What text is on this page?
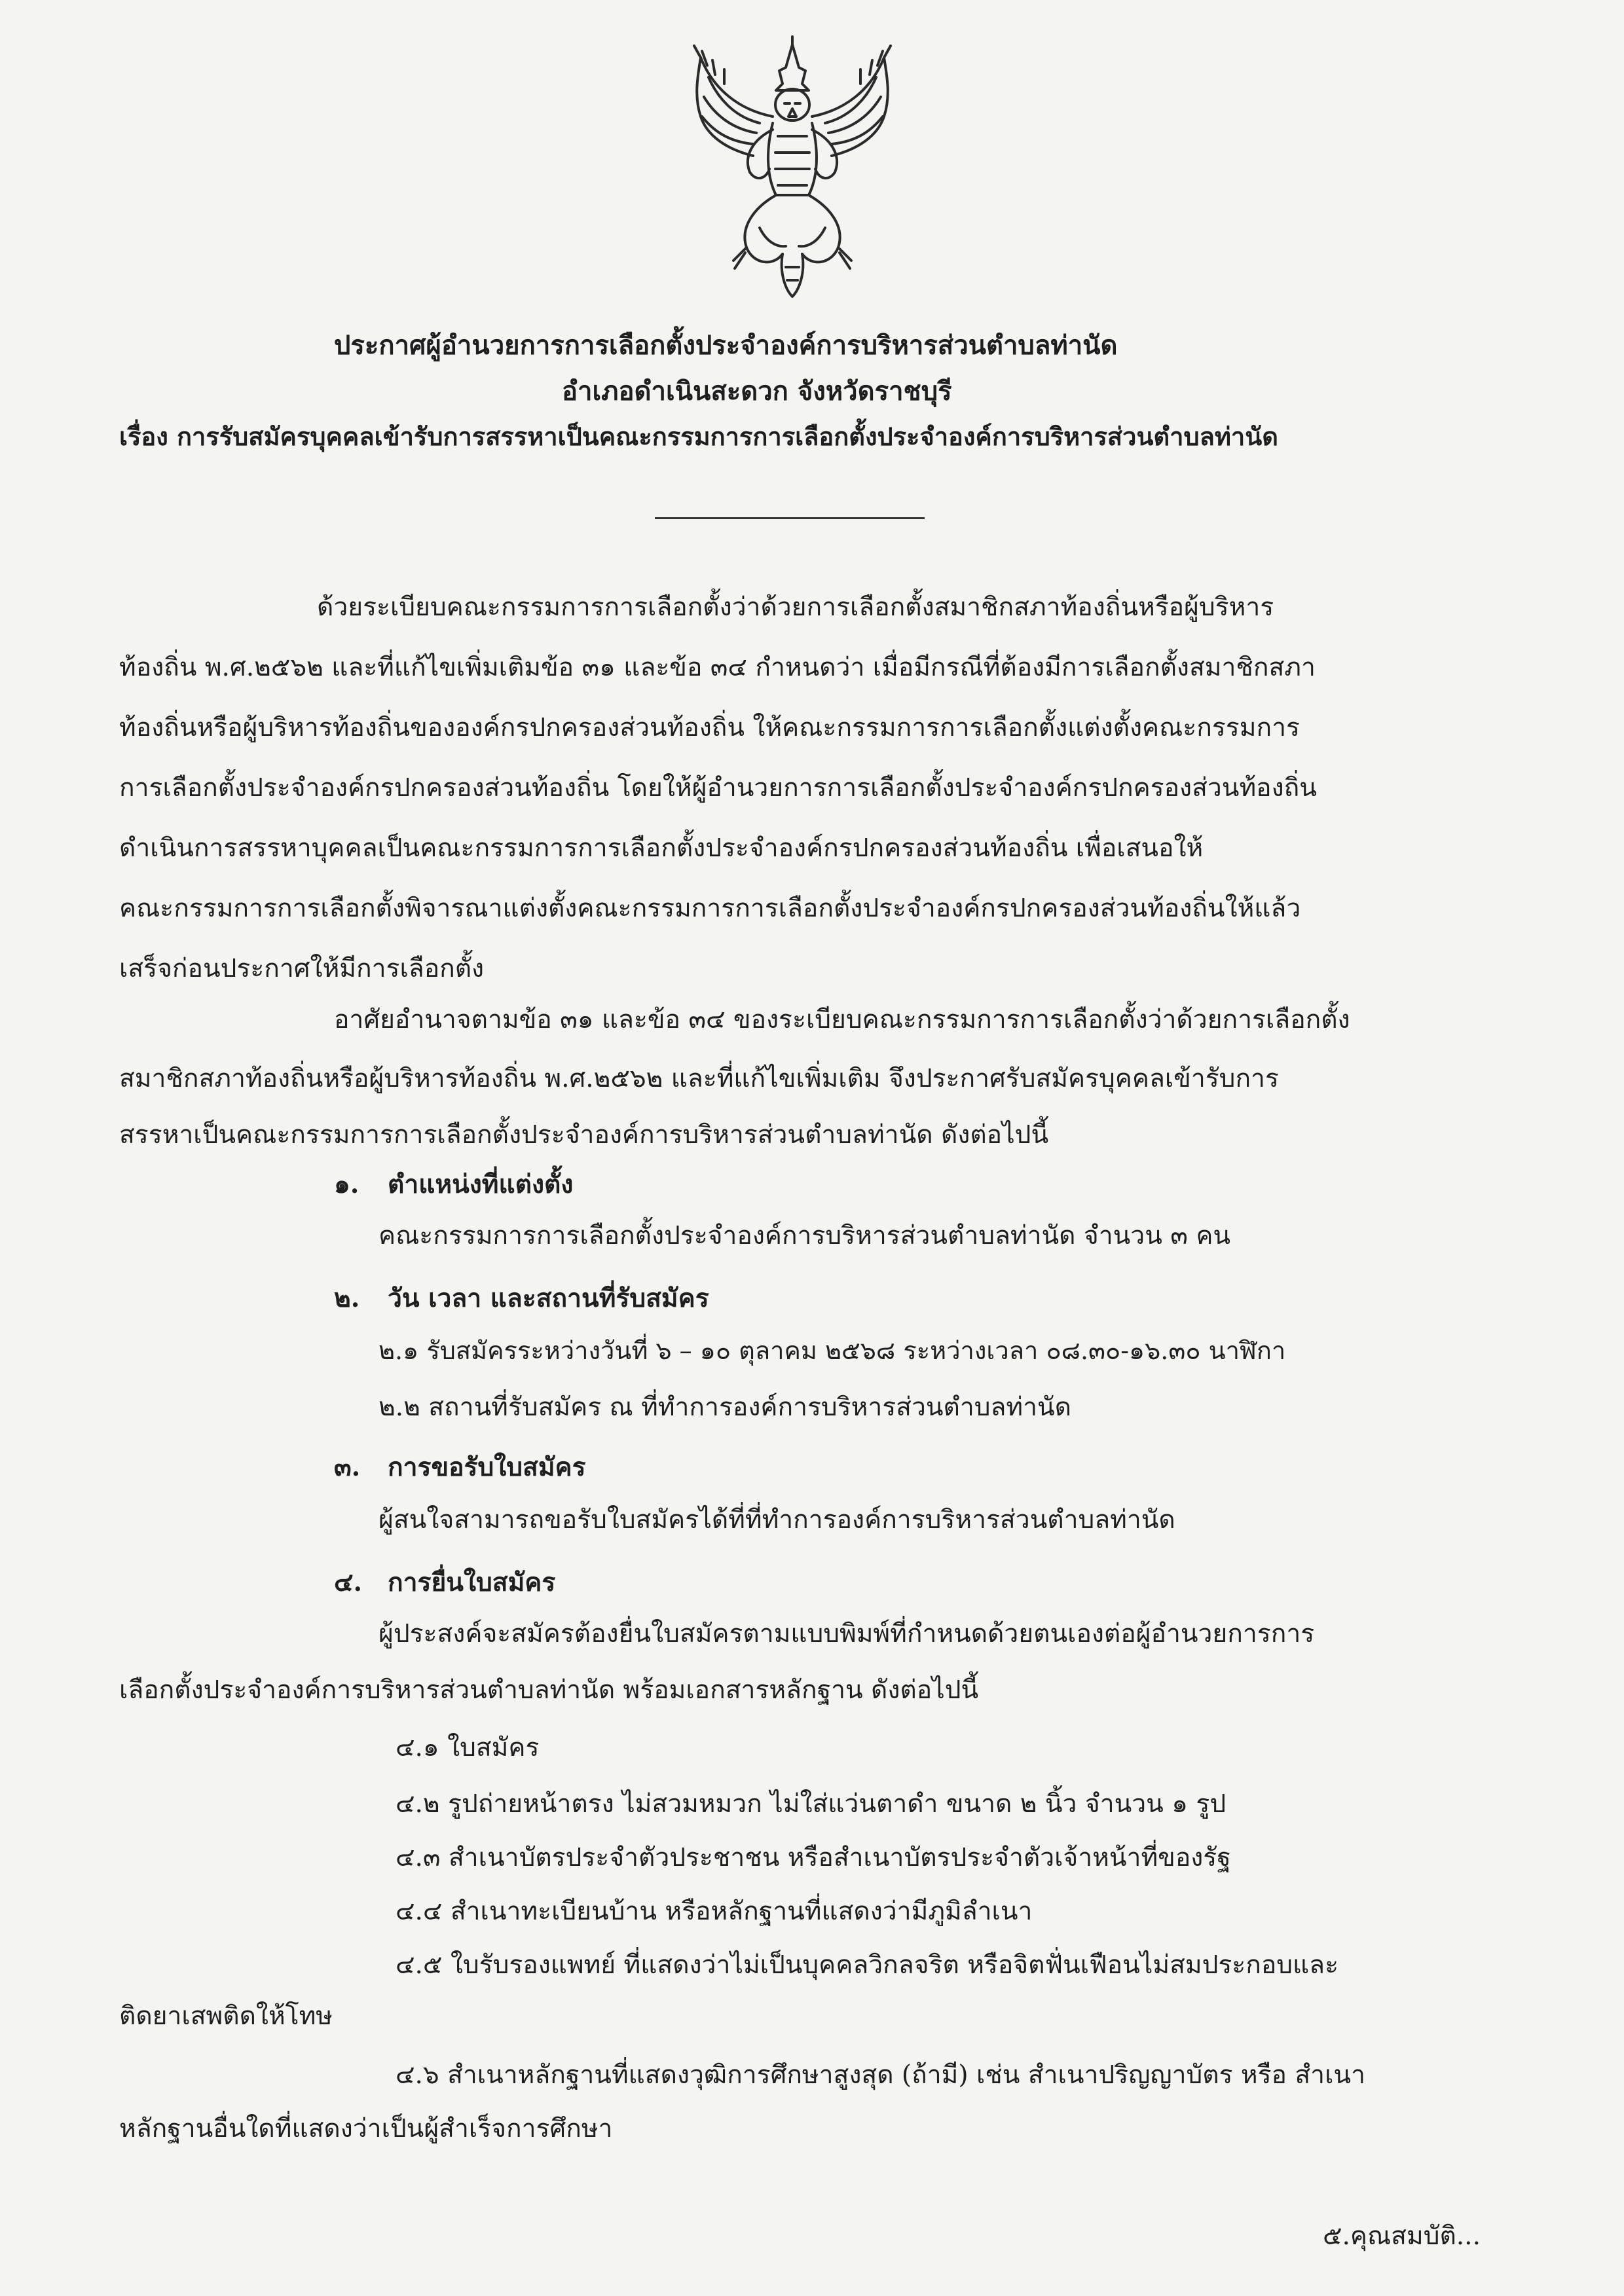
ประกาศผู้อำนวยการการเลือกตั้งประจำองค์การบริหารส่วนตำบลท่านัด
อำเภอดำเนินสะดวก จังหวัดราชบุรี
เรื่อง การรับสมัครบุคคลเข้ารับการสรรหาเป็นคณะกรรมการการเลือกตั้งประจำองค์การบริหารส่วนตำบลท่านัด
ด้วยระเบียบคณะกรรมการการเลือกตั้งว่าด้วยการเลือกตั้งสมาชิกสภาท้องถิ่นหรือผู้บริหาร
ท้องถิ่น พ.ศ.๒๕๖๒ และที่แก้ไขเพิ่มเติมข้อ ๓๑ และข้อ ๓๔ กำหนดว่า เมื่อมีกรณีที่ต้องมีการเลือกตั้งสมาชิกสภา
ท้องถิ่นหรือผู้บริหารท้องถิ่นขององค์กรปกครองส่วนท้องถิ่น ให้คณะกรรมการการเลือกตั้งแต่งตั้งคณะกรรมการ
การเลือกตั้งประจำองค์กรปกครองส่วนท้องถิ่น โดยให้ผู้อำนวยการการเลือกตั้งประจำองค์กรปกครองส่วนท้องถิ่น
ดำเนินการสรรหาบุคคลเป็นคณะกรรมการการเลือกตั้งประจำองค์กรปกครองส่วนท้องถิ่น เพื่อเสนอให้
คณะกรรมการการเลือกตั้งพิจารณาแต่งตั้งคณะกรรมการการเลือกตั้งประจำองค์กรปกครองส่วนท้องถิ่นให้แล้ว
เสร็จก่อนประกาศให้มีการเลือกตั้ง
อาศัยอำนาจตามข้อ ๓๑ และข้อ ๓๔ ของระเบียบคณะกรรมการการเลือกตั้งว่าด้วยการเลือกตั้ง
สมาชิกสภาท้องถิ่นหรือผู้บริหารท้องถิ่น พ.ศ.๒๕๖๒ และที่แก้ไขเพิ่มเติม จึงประกาศรับสมัครบุคคลเข้ารับการ
สรรหาเป็นคณะกรรมการการเลือกตั้งประจำองค์การบริหารส่วนตำบลท่านัด ดังต่อไปนี้
๑. ตำแหน่งที่แต่งตั้ง
คณะกรรมการการเลือกตั้งประจำองค์การบริหารส่วนตำบลท่านัด จำนวน ๓ คน
๒. วัน เวลา และสถานที่รับสมัคร
๒.๑ รับสมัครระหว่างวันที่ ๖ – ๑๐ ตุลาคม ๒๕๖๘ ระหว่างเวลา ๐๘.๓๐-๑๖.๓๐ นาฬิกา
๒.๒ สถานที่รับสมัคร ณ ที่ทำการองค์การบริหารส่วนตำบลท่านัด
๓. การขอรับใบสมัคร
ผู้สนใจสามารถขอรับใบสมัครได้ที่ที่ทำการองค์การบริหารส่วนตำบลท่านัด
๔. การยื่นใบสมัคร
ผู้ประสงค์จะสมัครต้องยื่นใบสมัครตามแบบพิมพ์ที่กำหนดด้วยตนเองต่อผู้อำนวยการการ
เลือกตั้งประจำองค์การบริหารส่วนตำบลท่านัด พร้อมเอกสารหลักฐาน ดังต่อไปนี้
๔.๑ ใบสมัคร
๔.๒ รูปถ่ายหน้าตรง ไม่สวมหมวก ไม่ใส่แว่นตาดำ ขนาด ๒ นิ้ว จำนวน ๑ รูป
๔.๓ สำเนาบัตรประจำตัวประชาชน หรือสำเนาบัตรประจำตัวเจ้าหน้าที่ของรัฐ
๔.๔ สำเนาทะเบียนบ้าน หรือหลักฐานที่แสดงว่ามีภูมิลำเนา
๔.๕ ใบรับรองแพทย์ ที่แสดงว่าไม่เป็นบุคคลวิกลจริต หรือจิตฟั่นเฟือนไม่สมประกอบและ
ติดยาเสพติดให้โทษ
๔.๖ สำเนาหลักฐานที่แสดงวุฒิการศึกษาสูงสุด (ถ้ามี) เช่น สำเนาปริญญาบัตร หรือ สำเนา
หลักฐานอื่นใดที่แสดงว่าเป็นผู้สำเร็จการศึกษา
๕.คุณสมบัติ...
